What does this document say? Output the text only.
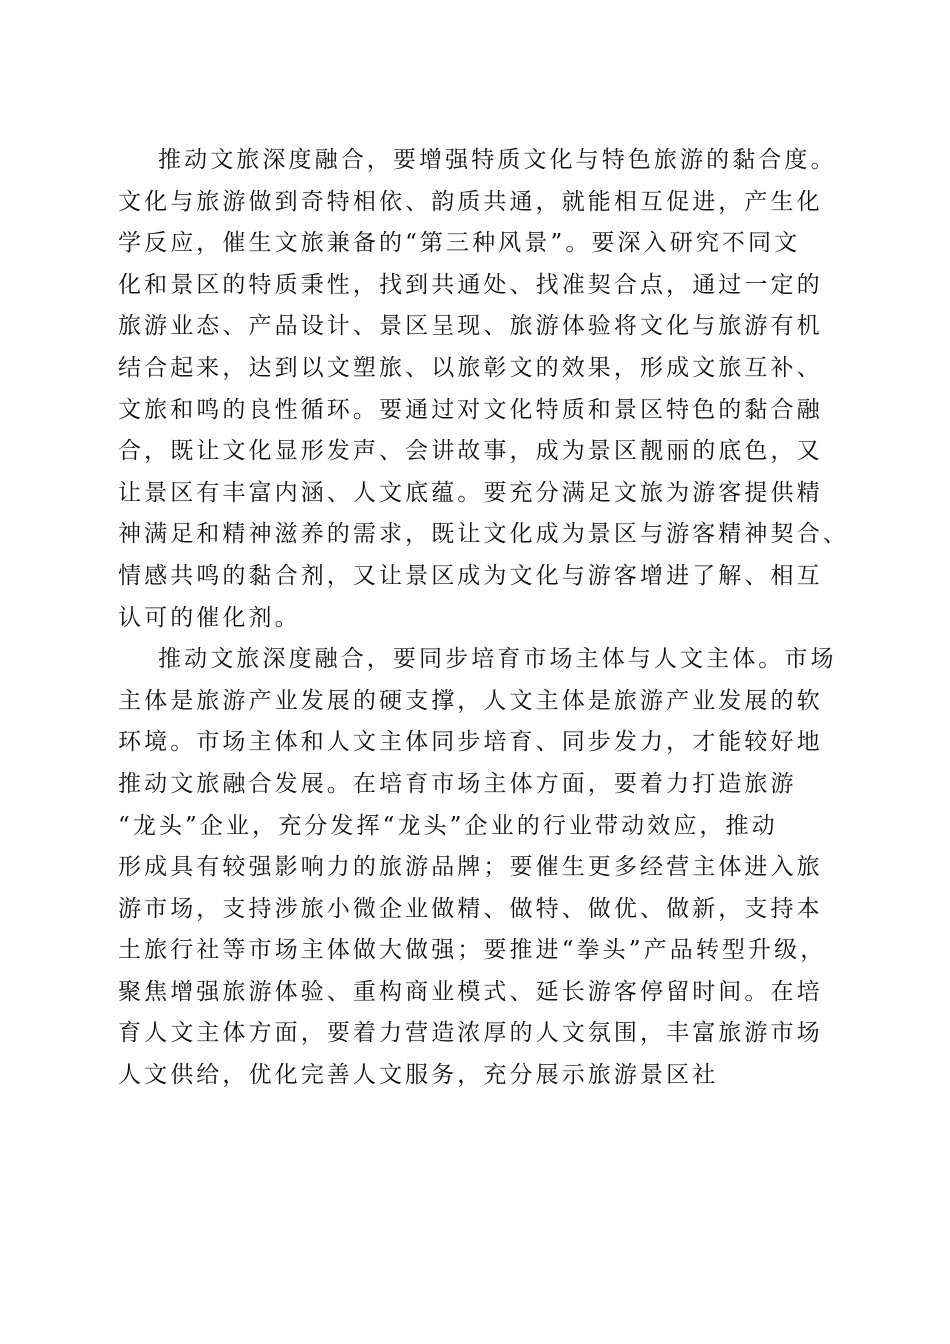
推动文旅深度融合，要增强特质文化与特色旅游的黏合度。
文化与旅游做到奇特相依、韵质共通，就能相互促进，产生化
学反应，催生文旅兼备的“第三种风景”。要深入研究不同文
化和景区的特质秉性，找到共通处、找准契合点，通过一定的
旅游业态、产品设计、景区呈现、旅游体验将文化与旅游有机
结合起来，达到以文塑旅、以旅彰文的效果，形成文旅互补、
文旅和鸣的良性循环。要通过对文化特质和景区特色的黏合融
合，既让文化显形发声、会讲故事，成为景区靓丽的底色，又
让景区有丰富内涵、人文底蕴。要充分满足文旅为游客提供精
神满足和精神滋养的需求，既让文化成为景区与游客精神契合、
情感共鸣的黏合剂，又让景区成为文化与游客增进了解、相互
认可的催化剂。
推动文旅深度融合，要同步培育市场主体与人文主体。市场
主体是旅游产业发展的硬支撑，人文主体是旅游产业发展的软
环境。市场主体和人文主体同步培育、同步发力，才能较好地
推动文旅融合发展。在培育市场主体方面，要着力打造旅游
“龙头”企业，充分发挥“龙头”企业的行业带动效应，推动
形成具有较强影响力的旅游品牌；要催生更多经营主体进入旅
游市场，支持涉旅小微企业做精、做特、做优、做新，支持本
土旅行社等市场主体做大做强；要推进“拳头”产品转型升级，
聚焦增强旅游体验、重构商业模式、延长游客停留时间。在培
育人文主体方面，要着力营造浓厚的人文氛围，丰富旅游市场
人文供给，优化完善人文服务，充分展示旅游景区社
